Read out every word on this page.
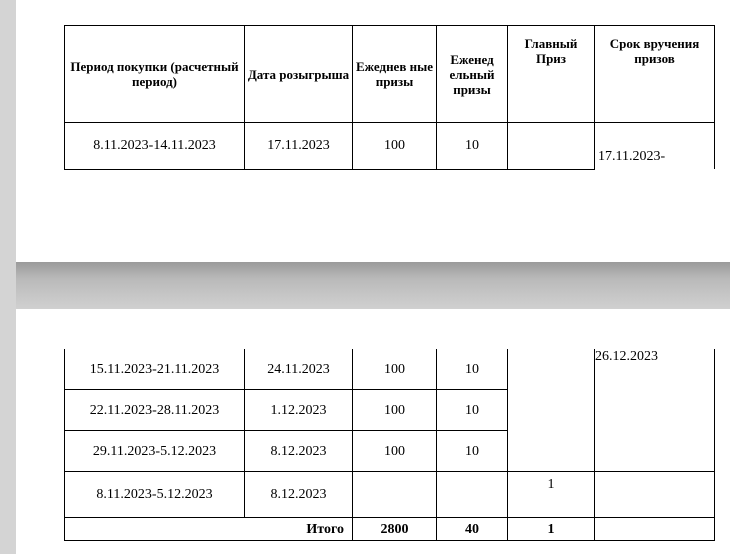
Период покупки (расчетный период)	Дата розыгрыша	Ежеднев ные призы	Еженед ельный призы	Главный Приз	Срок вручения призов
8.11.2023-14.11.2023	17.11.2023	100	10		17.11.2023-
15.11.2023-21.11.2023	24.11.2023	100	10		26.12.2023
22.11.2023-28.11.2023	1.12.2023	100	10		
29.11.2023-5.12.2023	8.12.2023	100	10		
8.11.2023-5.12.2023	8.12.2023			1	
Итого		2800	40	1	
